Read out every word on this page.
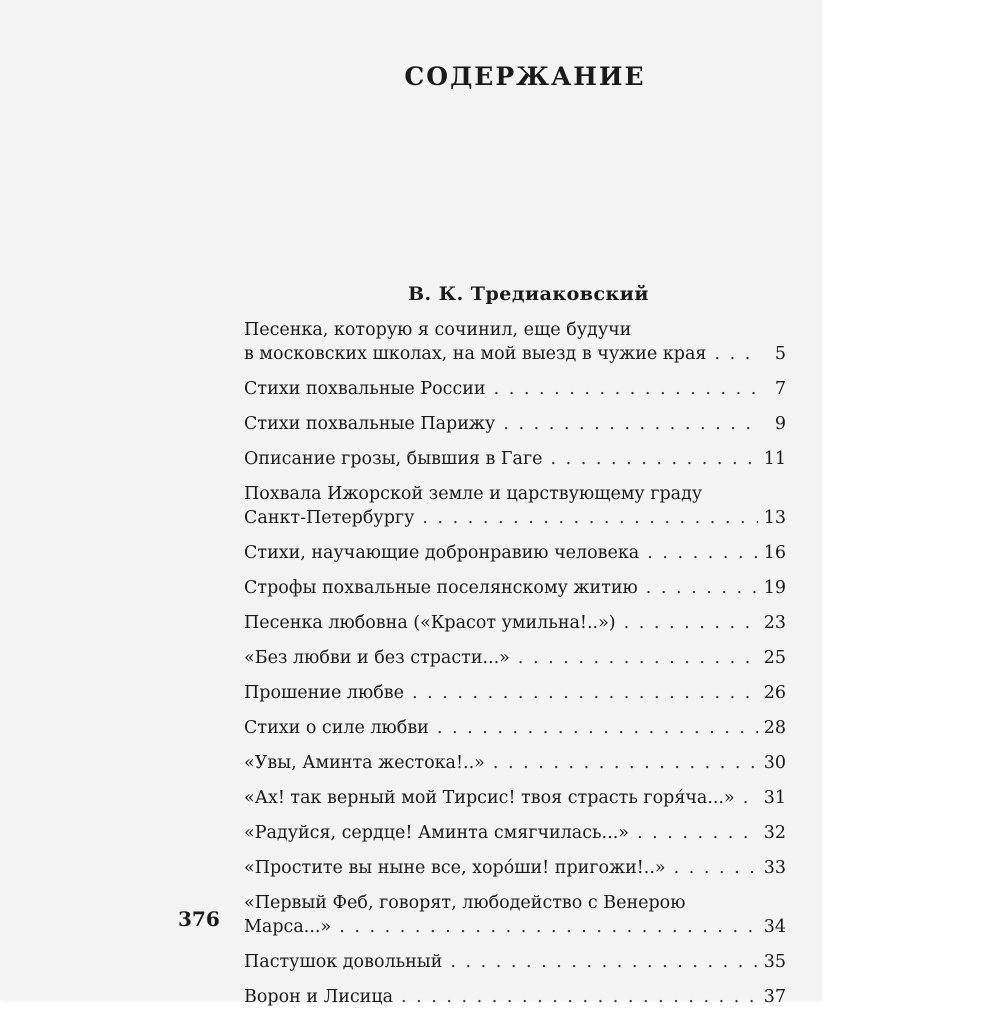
СОДЕРЖАНИЕ
В. К. Тредиаковский
Песенка, которую я сочинил, еще будучи
в московских школах, на мой выезд в чужие края . . .	5
Стихи похвальные России . . .	7
Стихи похвальные Парижу . . .	9
Описание грозы, бывшия в Гаге . . .	11
Похвала Ижорской земле и царствующему граду
Санкт-Петербургу . . .	13
Стихи, научающие добронравию человека . . .	16
Строфы похвальные поселянскому житию . . .	19
Песенка любовна («Красот умильна!..») . . .	23
«Без любви и без страсти...» . . .	25
Прошение любве . . .	26
Стихи о силе любви . . .	28
«Увы, Аминта жестока!..» . . .	30
«Ах! так верный мой Тирсис! твоя страсть горя́ча...» . . . 31
«Радуйся, сердце! Аминта смягчилась...» . . .	32
«Простите вы ныне все, хоро́ши! пригожи!..» . . .	33
«Первый Феб, говорят, любодейство с Венерою
Марса...» . . .	34
Пастушок довольный . . .	35
Ворон и Лисица . . .	37
376
